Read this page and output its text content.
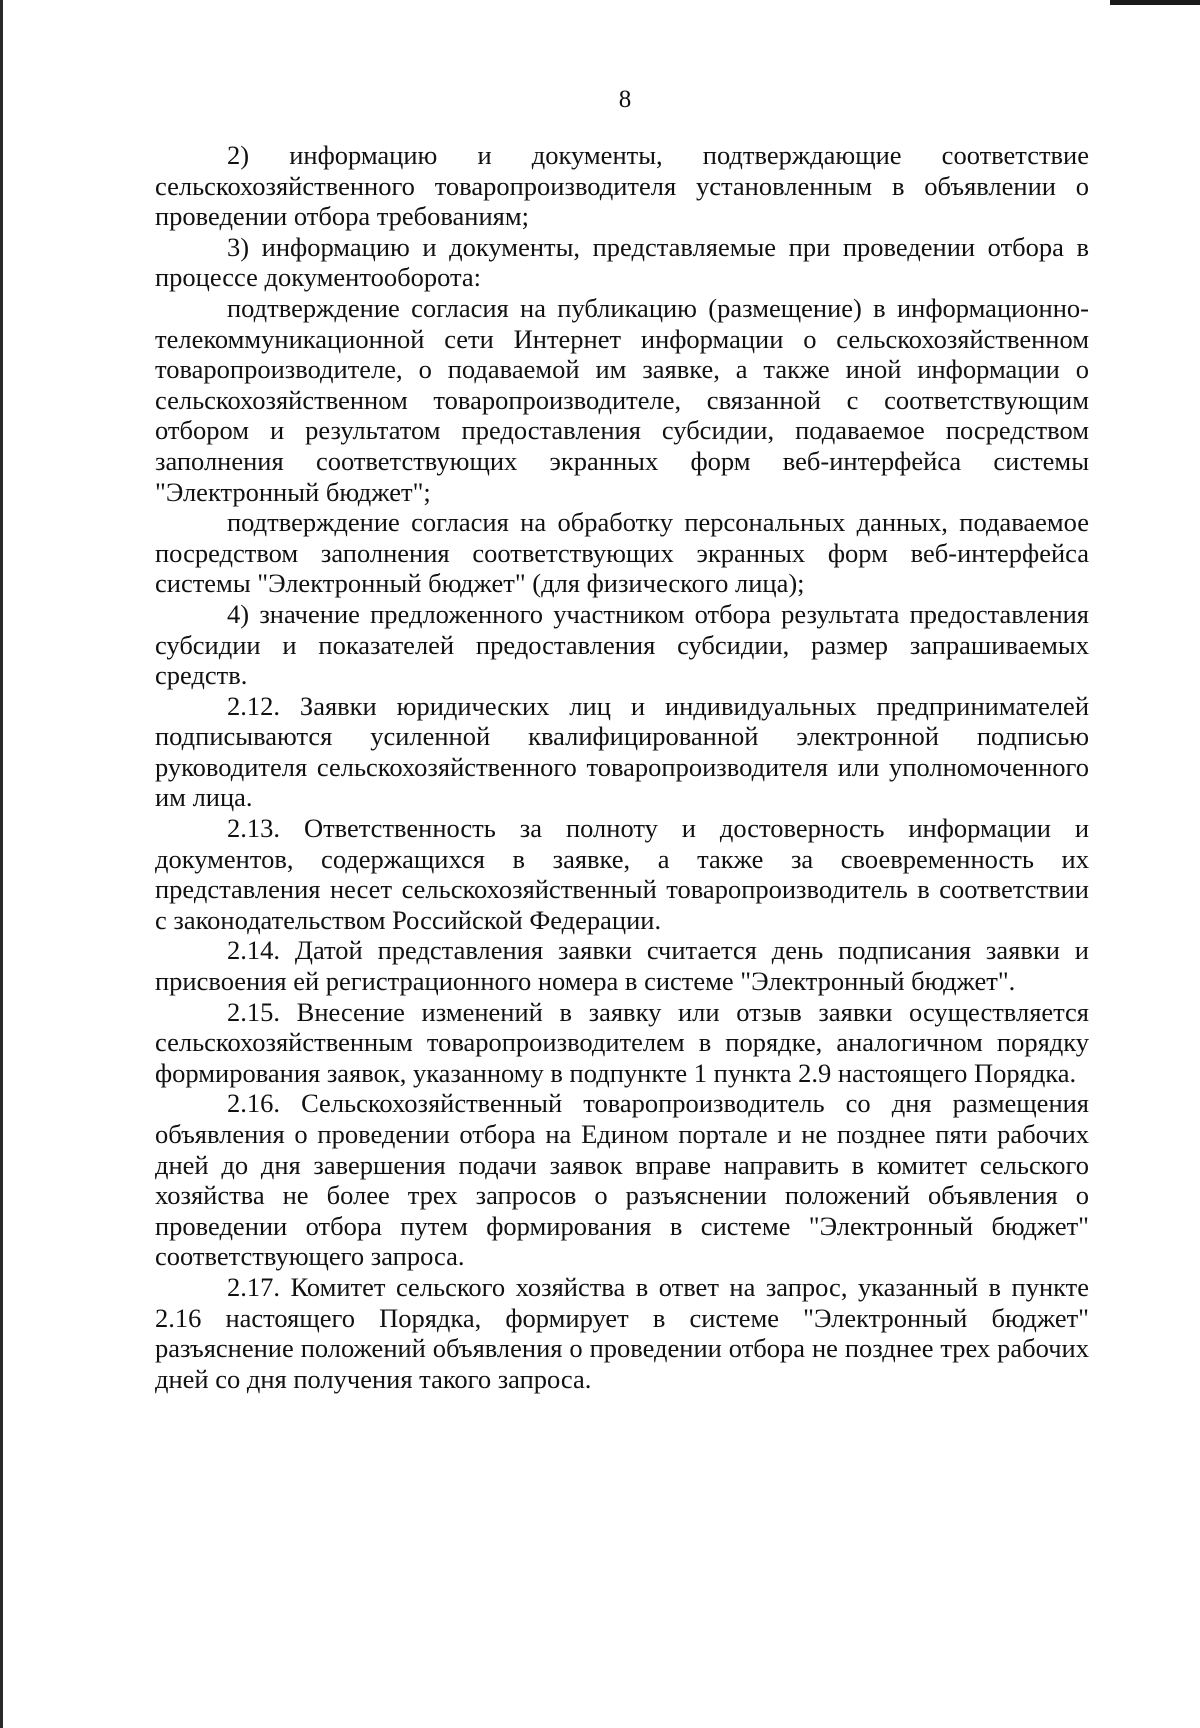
8

2) информацию и документы, подтверждающие соответствие сельскохозяйственного товаропроизводителя установленным в объявлении о проведении отбора требованиям;

3) информацию и документы, представляемые при проведении отбора в процессе документооборота:

подтверждение согласия на публикацию (размещение) в информационно-телекоммуникационной сети Интернет информации о сельскохозяйственном товаропроизводителе, о подаваемой им заявке, а также иной информации о сельскохозяйственном товаропроизводителе, связанной с соответствующим отбором и результатом предоставления субсидии, подаваемое посредством заполнения соответствующих экранных форм веб-интерфейса системы "Электронный бюджет";

подтверждение согласия на обработку персональных данных, подаваемое посредством заполнения соответствующих экранных форм веб-интерфейса системы "Электронный бюджет" (для физического лица);

4) значение предложенного участником отбора результата предоставления субсидии и показателей предоставления субсидии, размер запрашиваемых средств.

2.12. Заявки юридических лиц и индивидуальных предпринимателей подписываются усиленной квалифицированной электронной подписью руководителя сельскохозяйственного товаропроизводителя или уполномоченного им лица.

2.13. Ответственность за полноту и достоверность информации и документов, содержащихся в заявке, а также за своевременность их представления несет сельскохозяйственный товаропроизводитель в соответствии с законодательством Российской Федерации.

2.14. Датой представления заявки считается день подписания заявки и присвоения ей регистрационного номера в системе "Электронный бюджет".

2.15. Внесение изменений в заявку или отзыв заявки осуществляется сельскохозяйственным товаропроизводителем в порядке, аналогичном порядку формирования заявок, указанному в подпункте 1 пункта 2.9 настоящего Порядка.

2.16. Сельскохозяйственный товаропроизводитель со дня размещения объявления о проведении отбора на Едином портале и не позднее пяти рабочих дней до дня завершения подачи заявок вправе направить в комитет сельского хозяйства не более трех запросов о разъяснении положений объявления о проведении отбора путем формирования в системе "Электронный бюджет" соответствующего запроса.

2.17. Комитет сельского хозяйства в ответ на запрос, указанный в пункте 2.16 настоящего Порядка, формирует в системе "Электронный бюджет" разъяснение положений объявления о проведении отбора не позднее трех рабочих дней со дня получения такого запроса.
